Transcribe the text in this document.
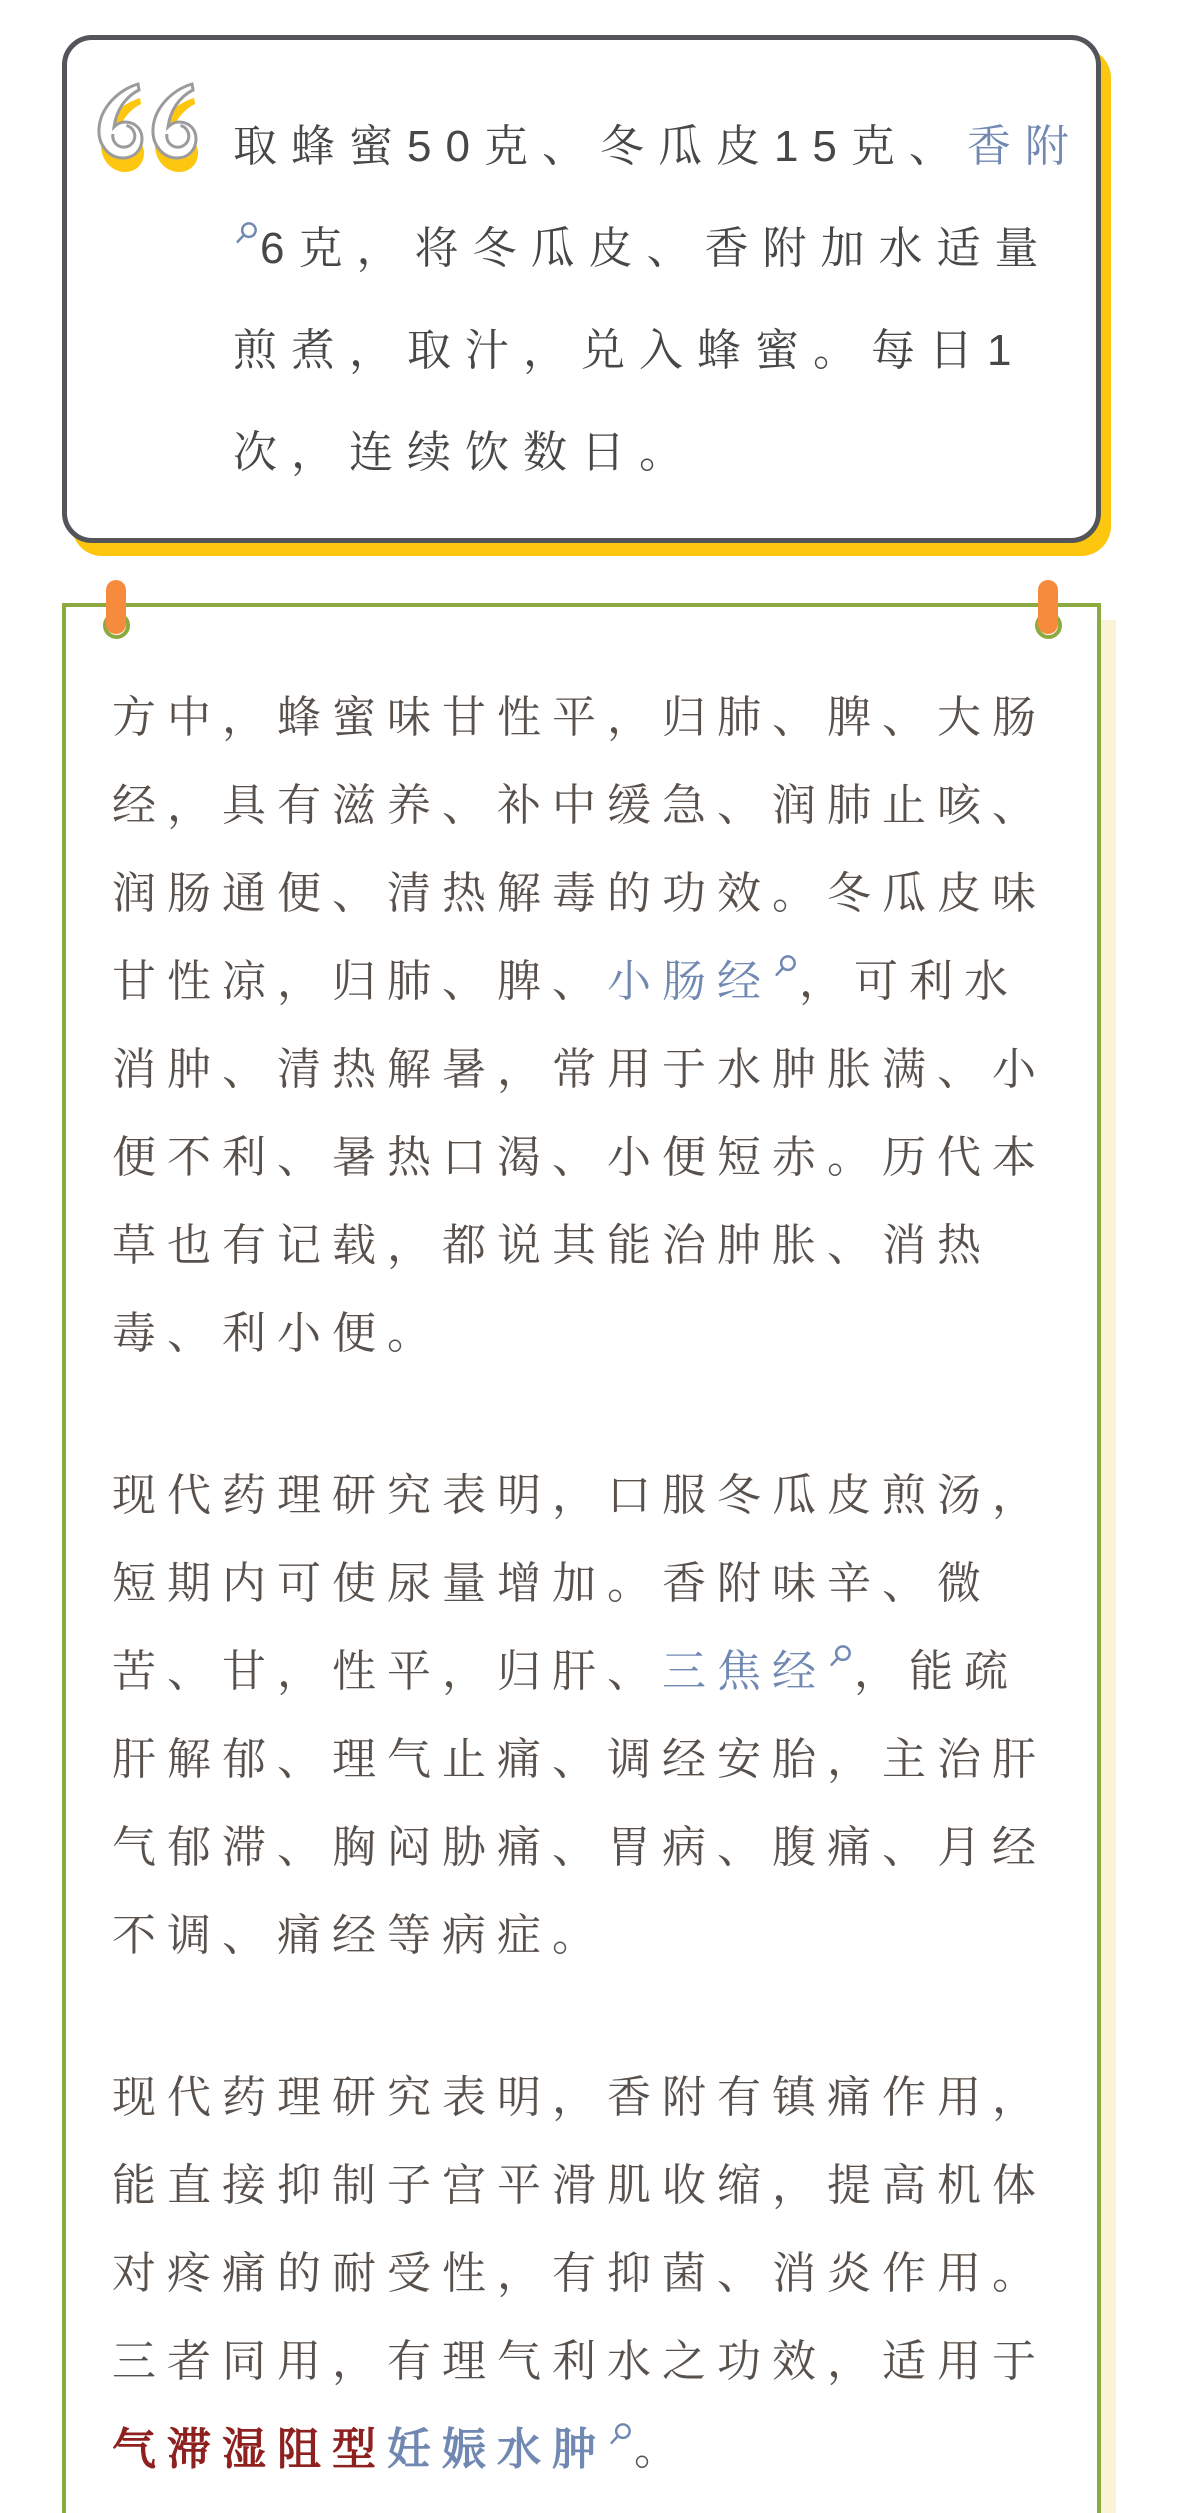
取蜂蜜50克、冬瓜皮15克、香附
6克，将冬瓜皮、香附加水适量
煎煮，取汁，兑入蜂蜜。每日1
次，连续饮数日。
方中，蜂蜜味甘性平，归肺、脾、大肠
经，具有滋养、补中缓急、润肺止咳、
润肠通便、清热解毒的功效。冬瓜皮味
甘性凉，归肺、脾、小肠经 ，可利水
消肿、清热解暑，常用于水肿胀满、小
便不利、暑热口渴、小便短赤。历代本
草也有记载，都说其能治肿胀、消热
毒、利小便。
现代药理研究表明，口服冬瓜皮煎汤，
短期内可使尿量增加。香附味辛、微
苦、甘，性平，归肝、三焦经 ，能疏
肝解郁、理气止痛、调经安胎，主治肝
气郁滞、胸闷胁痛、胃病、腹痛、月经
不调、痛经等病症。
现代药理研究表明，香附有镇痛作用，
能直接抑制子宫平滑肌收缩，提高机体
对疼痛的耐受性，有抑菌、消炎作用。
三者同用，有理气利水之功效，适用于
气滞湿阻型妊娠水肿 。
